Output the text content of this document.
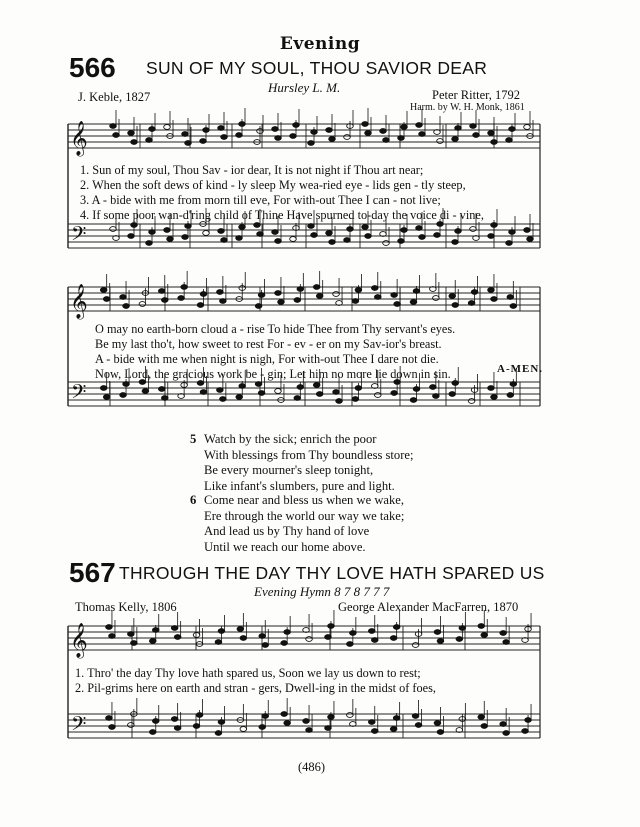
Evening
566 SUN OF MY SOUL, THOU SAVIOR DEAR
Hursley L. M.
J. Keble, 1827	Peter Ritter, 1792
Harm. by W. H. Monk, 1861
𝄞
𝄢
𝄞
𝄢
𝄞
𝄢
1. Sun of my soul, Thou Sav - ior dear, It is not night if Thou art near;
2. When the soft dews of kind - ly sleep My wea-ried eye - lids gen - tly steep,
3. A - bide with me from morn till eve, For with-out Thee I can - not live;
4. If some poor wan-d'ring child of Thine Have spurned to-day the voice di - vine,
O may no earth-born cloud a - rise To hide Thee from Thy servant's eyes.
Be my last tho't, how sweet to rest For - ev - er on my Sav-ior's breast.
A - bide with me when night is nigh, For with-out Thee I dare not die.
Now, Lord, the gracious work be - gin; Let him no more lie down in sin.	A-MEN.

5 Watch by the sick; enrich the poor

With blessings from Thy boundless store;

Be every mourner's sleep tonight,

Like infant's slumbers, pure and light.

6 Come near and bless us when we wake,

Ere through the world our way we take;

And lead us by Thy hand of love

Until we reach our home above.

567 THROUGH THE DAY THY LOVE HATH SPARED US
Evening Hymn 8 7 8 7 7 7
Thomas Kelly, 1806	George Alexander MacFarren, 1870
1. Thro' the day Thy love hath spared us, Soon we lay us down to rest;
2. Pil-grims here on earth and stran - gers, Dwell-ing in the midst of foes,
(486)
